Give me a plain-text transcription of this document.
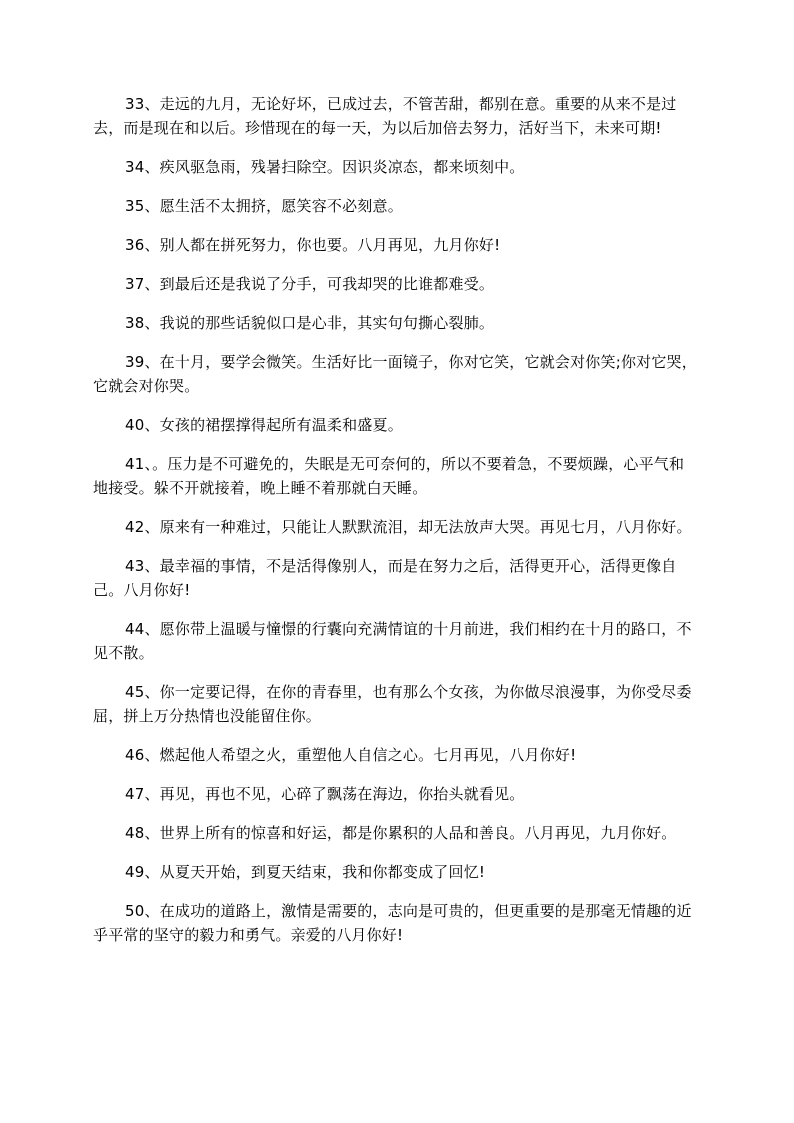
33、走远的九月，无论好坏，已成过去，不管苦甜，都别在意。重要的从来不是过去，而是现在和以后。珍惜现在的每一天，为以后加倍去努力，活好当下，未来可期!

34、疾风驱急雨，残暑扫除空。因识炎凉态，都来顷刻中。

35、愿生活不太拥挤，愿笑容不必刻意。

36、别人都在拼死努力，你也要。八月再见，九月你好!

37、到最后还是我说了分手，可我却哭的比谁都难受。

38、我说的那些话貌似口是心非，其实句句撕心裂肺。

39、在十月，要学会微笑。生活好比一面镜子，你对它笑，它就会对你笑;你对它哭，它就会对你哭。

40、女孩的裙摆撑得起所有温柔和盛夏。

41、。压力是不可避免的，失眠是无可奈何的，所以不要着急，不要烦躁，心平气和地接受。躲不开就接着，晚上睡不着那就白天睡。

42、原来有一种难过，只能让人默默流泪，却无法放声大哭。再见七月，八月你好。

43、最幸福的事情，不是活得像别人，而是在努力之后，活得更开心，活得更像自己。八月你好!

44、愿你带上温暖与憧憬的行囊向充满情谊的十月前进，我们相约在十月的路口，不见不散。

45、你一定要记得，在你的青春里，也有那么个女孩，为你做尽浪漫事，为你受尽委屈，拼上万分热情也没能留住你。

46、燃起他人希望之火，重塑他人自信之心。七月再见，八月你好!

47、再见，再也不见，心碎了飘荡在海边，你抬头就看见。

48、世界上所有的惊喜和好运，都是你累积的人品和善良。八月再见，九月你好。

49、从夏天开始，到夏天结束，我和你都变成了回忆!

50、在成功的道路上，激情是需要的，志向是可贵的，但更重要的是那毫无情趣的近乎平常的坚守的毅力和勇气。亲爱的八月你好!
